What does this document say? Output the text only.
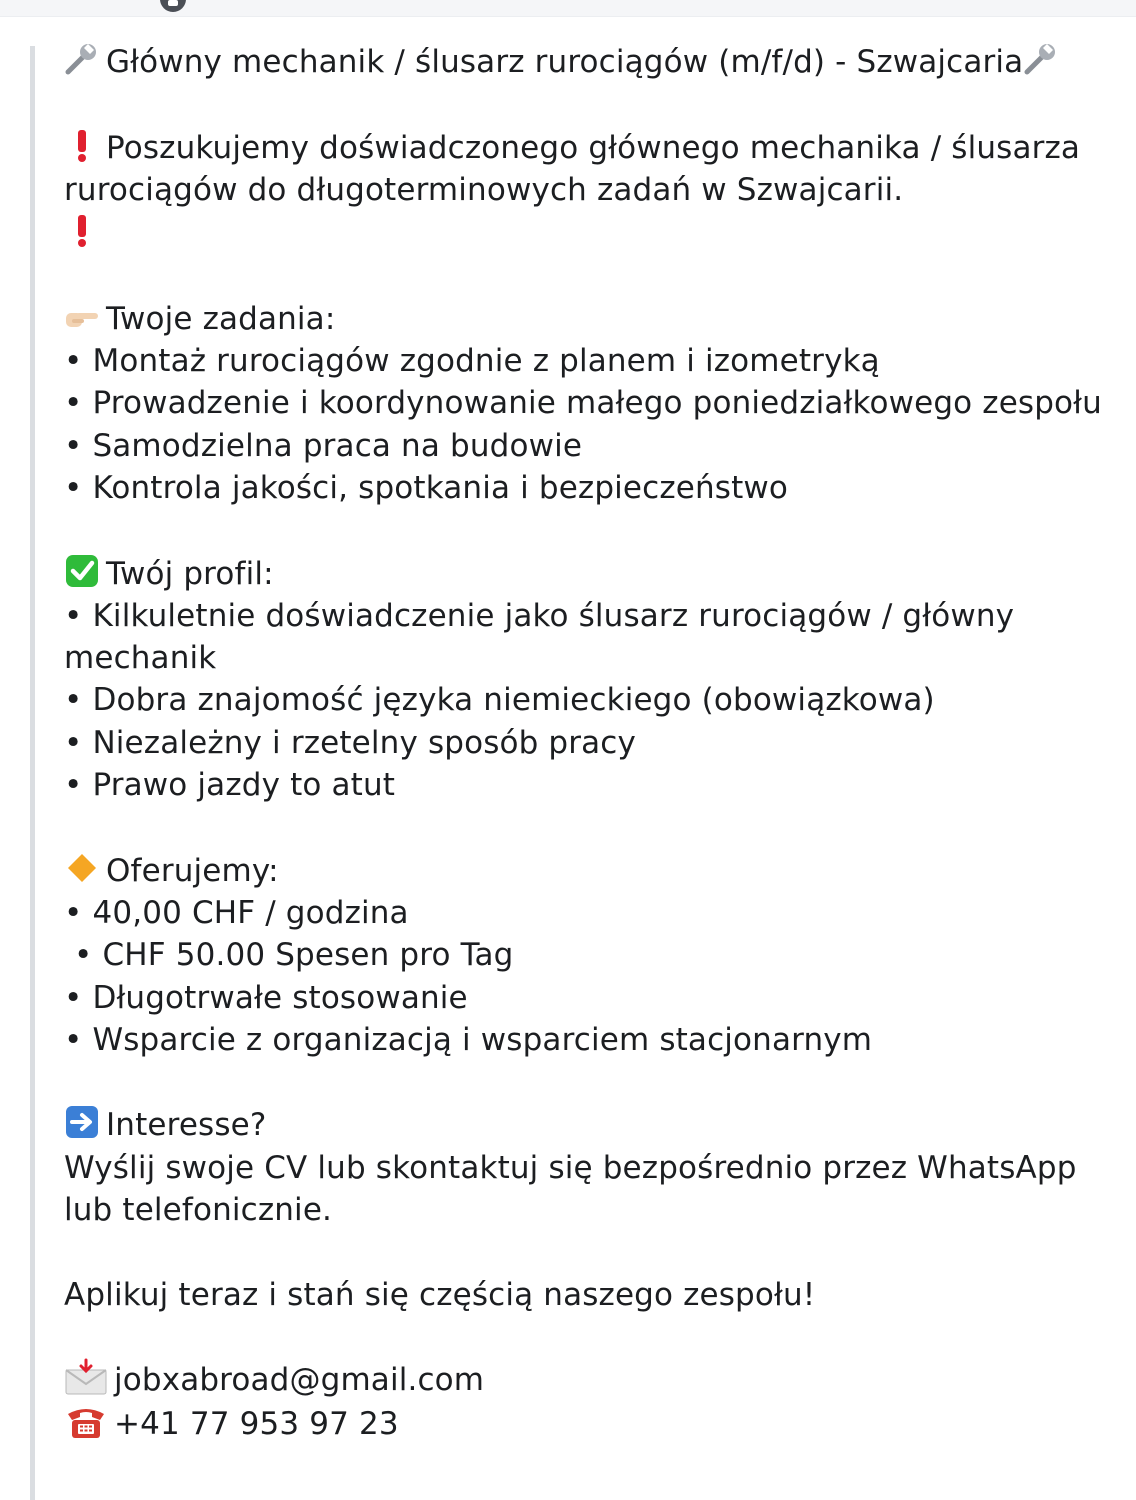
Główny mechanik / ślusarz rurociągów (m/f/d) - Szwajcaria
Poszukujemy doświadczonego głównego mechanika / ślusarza rurociągów do długoterminowych zadań w Szwajcarii.
Twoje zadania:
• Montaż rurociągów zgodnie z planem i izometryką
• Prowadzenie i koordynowanie małego poniedziałkowego zespołu
• Samodzielna praca na budowie
• Kontrola jakości, spotkania i bezpieczeństwo
Twój profil:
• Kilkuletnie doświadczenie jako ślusarz rurociągów / główny mechanik
• Dobra znajomość języka niemieckiego (obowiązkowa)
• Niezależny i rzetelny sposób pracy
• Prawo jazdy to atut
Oferujemy:
• 40,00 CHF / godzina
• CHF 50.00 Spesen pro Tag
• Długotrwałe stosowanie
• Wsparcie z organizacją i wsparciem stacjonarnym
Interesse?
Wyślij swoje CV lub skontaktuj się bezpośrednio przez WhatsApp lub telefonicznie.
Aplikuj teraz i stań się częścią naszego zespołu!
jobxabroad@gmail.com
+41 77 953 97 23
